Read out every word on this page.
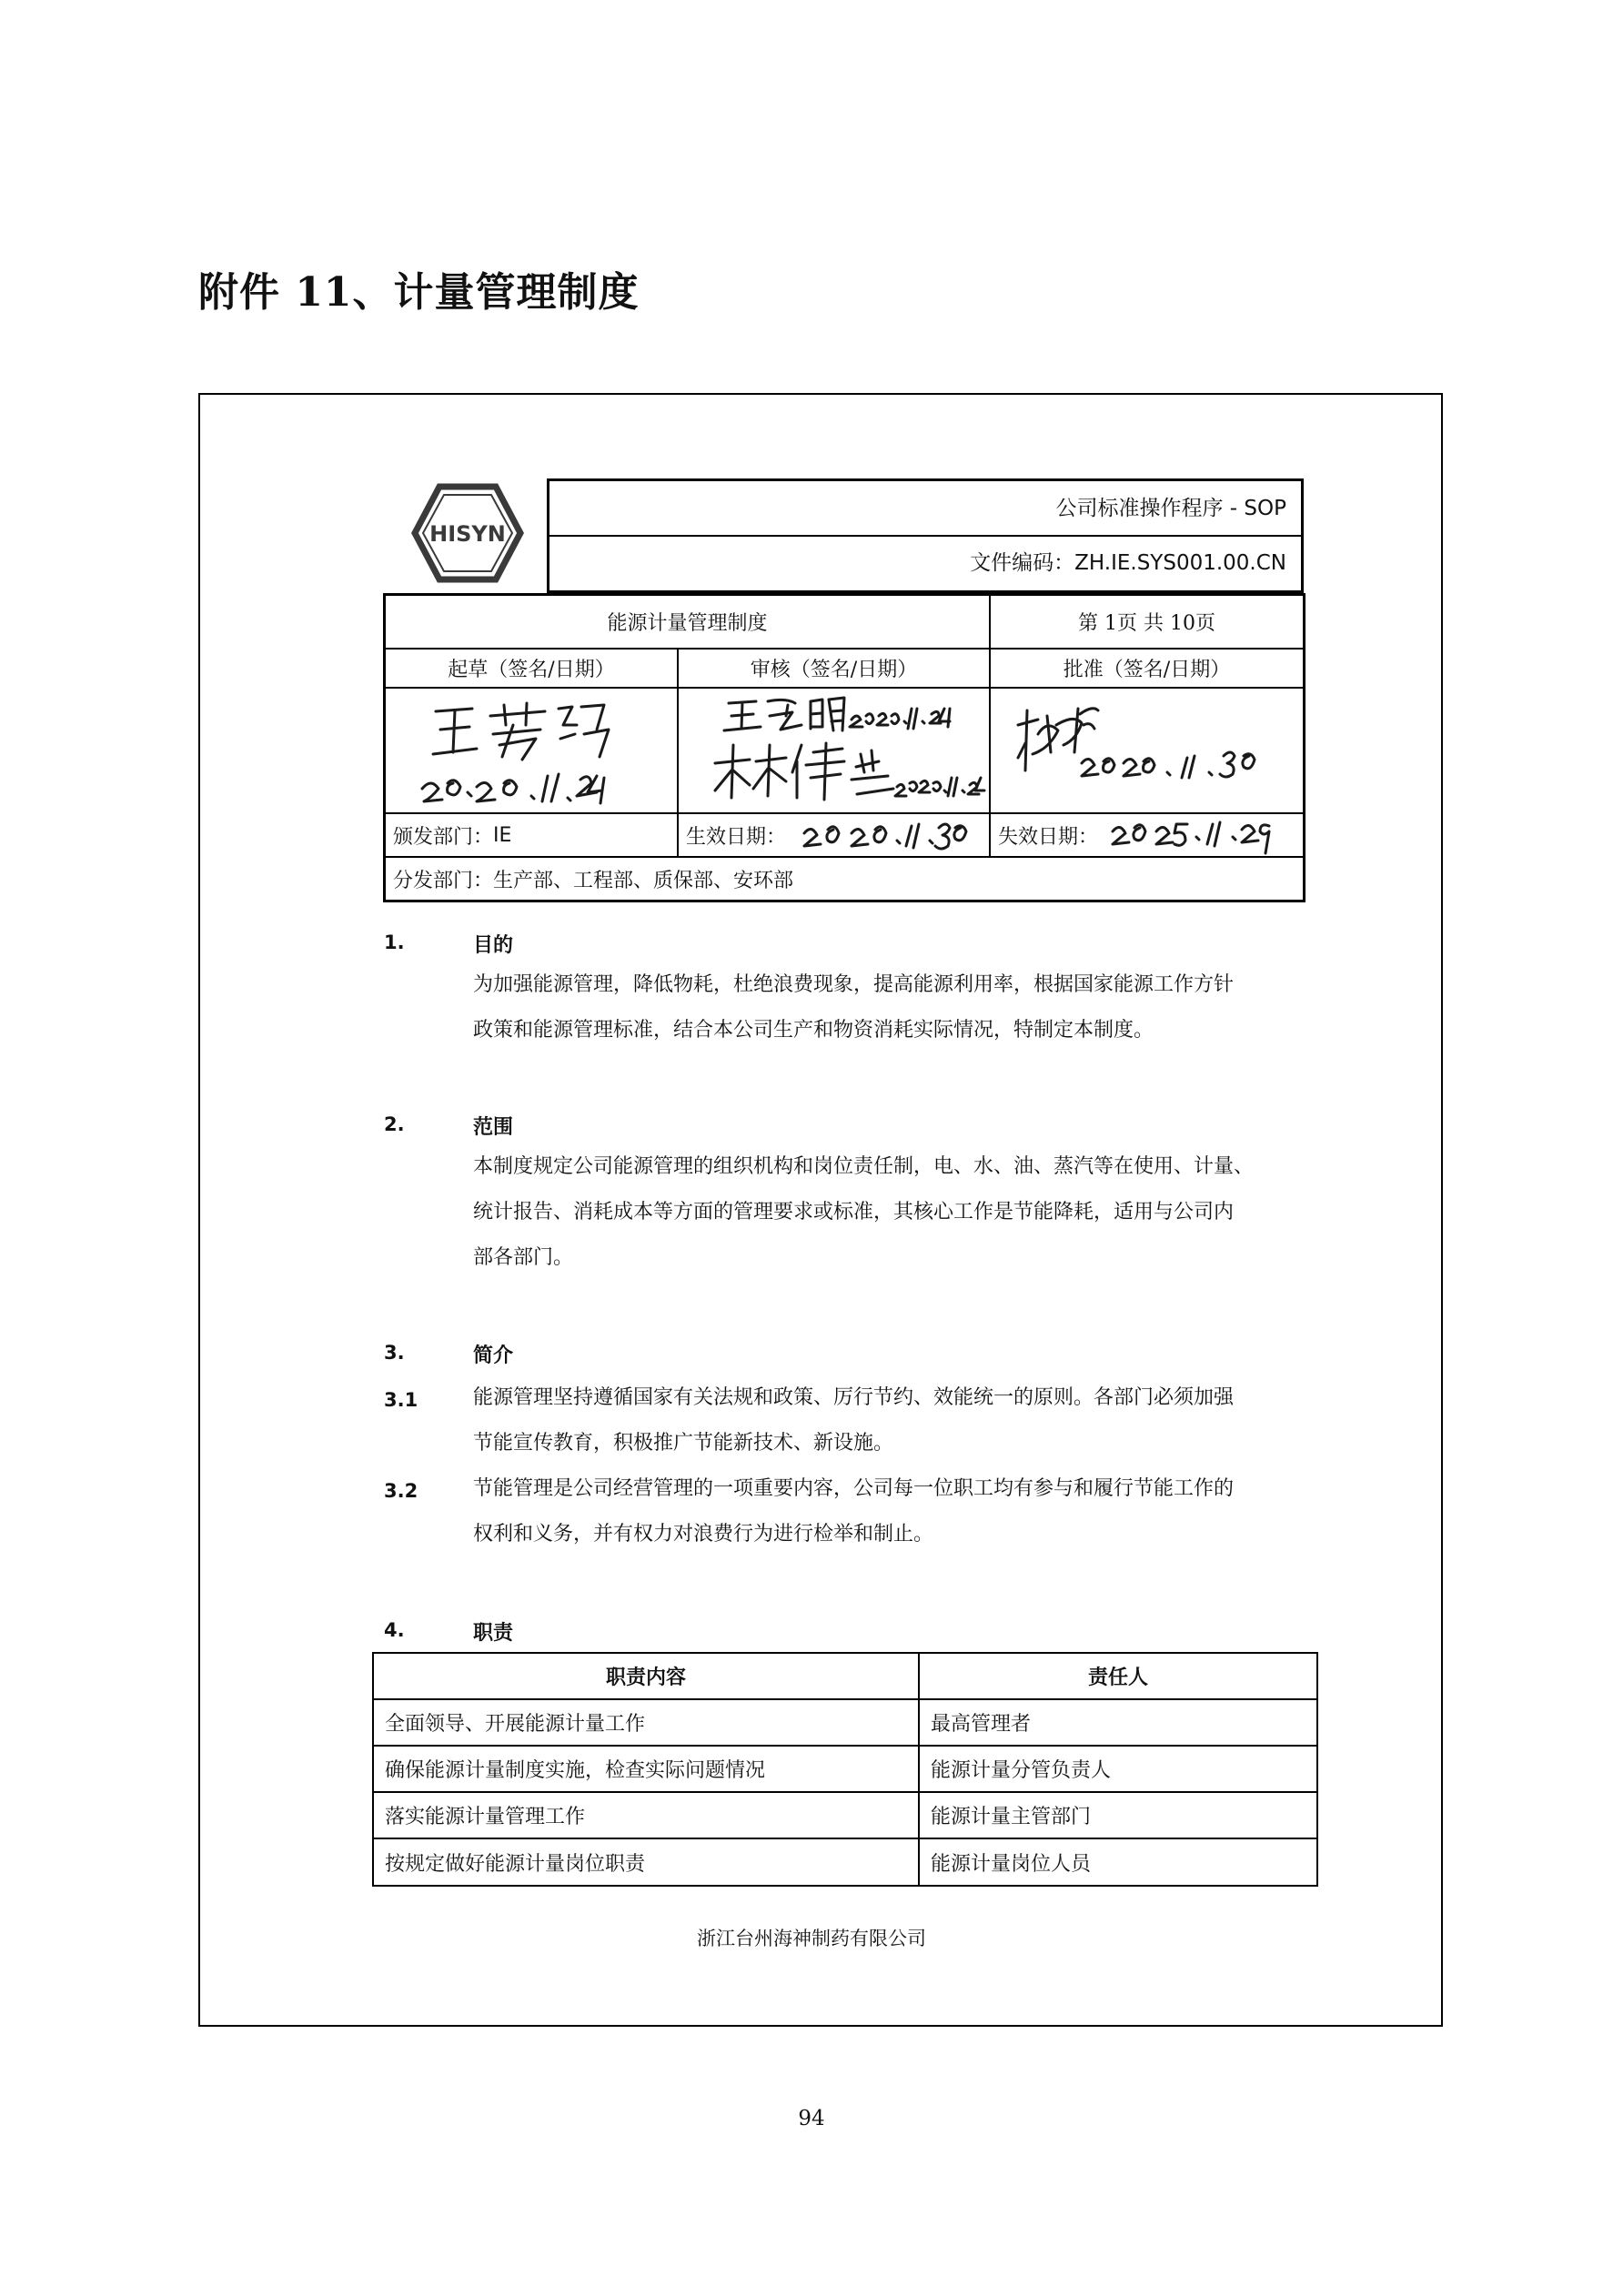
附件 11、计量管理制度
HISYN
公司标准操作程序 - SOP
文件编码：ZH.IE.SYS001.00.CN
能源计量管理制度	第 1页 共 10页
起草（签名/日期）	审核（签名/日期）	批准（签名/日期）
颁发部门： IE	生效日期：	失效日期：
分发部门：生产部、工程部、质保部、安环部
1.	目的
为加强能源管理，降低物耗，杜绝浪费现象，提高能源利用率，根据国家能源工作方针
政策和能源管理标准，结合本公司生产和物资消耗实际情况，特制定本制度。
2.	范围
本制度规定公司能源管理的组织机构和岗位责任制，电、水、油、蒸汽等在使用、计量、
统计报告、消耗成本等方面的管理要求或标准，其核心工作是节能降耗，适用与公司内
部各部门。
3.	简介
3.1	能源管理坚持遵循国家有关法规和政策、厉行节约、效能统一的原则。各部门必须加强
节能宣传教育，积极推广节能新技术、新设施。
3.2	节能管理是公司经营管理的一项重要内容，公司每一位职工均有参与和履行节能工作的
权利和义务，并有权力对浪费行为进行检举和制止。
4.	职责
职责内容	责任人
全面领导、开展能源计量工作	最高管理者
确保能源计量制度实施，检查实际问题情况	能源计量分管负责人
落实能源计量管理工作	能源计量主管部门
按规定做好能源计量岗位职责	能源计量岗位人员
浙江台州海神制药有限公司
94
